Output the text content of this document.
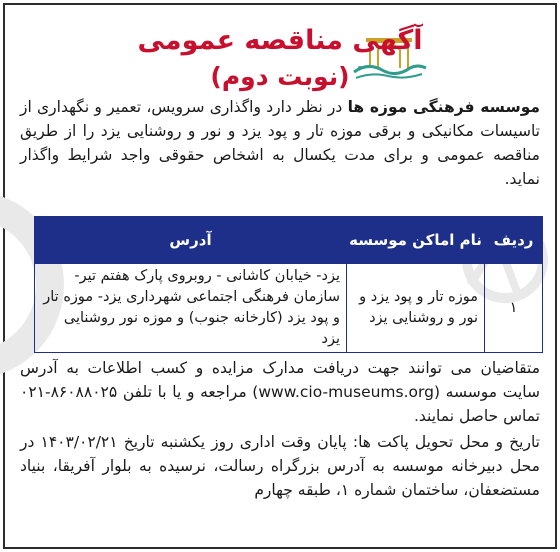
آگهی مناقصه عمومی
(نوبت دوم)
موسسه فرهنگی موزه ها در نظر دارد واگذاری سرویس، تعمیر و نگهداری از تاسیسات مکانیکی و برقی موزه تار و پود یزد و نور و روشنایی یزد را از طریق مناقصه عمومی و برای مدت یکسال به اشخاص حقوقی واجد شرایط واگذار نماید.
ردیف	نام اماکن موسسه	آدرس
۱	موزه تار و پود یزد و نور و روشنایی یزد	یزد- خیابان کاشانی - روبروی پارک هفتم تیر- سازمان فرهنگی اجتماعی شهرداری یزد- موزه تار و پود یزد (کارخانه جنوب) و موزه نور روشنایی یزد
متقاضیان می توانند جهت دریافت مدارک مزایده و کسب اطلاعات به آدرس سایت موسسه (www.cio-museums.org) مراجعه و یا با تلفن ۸۶۰۸۸۰۲۵-۰۲۱ تماس حاصل نمایند.
تاریخ و محل تحویل پاکت ها: پایان وقت اداری روز یکشنبه تاریخ ۱۴۰۳/۰۲/۲۱ در محل دبیرخانه موسسه به آدرس بزرگراه رسالت، نرسیده به بلوار آفریقا، بنیاد مستضعفان، ساختمان شماره ۱، طبقه چهارم
